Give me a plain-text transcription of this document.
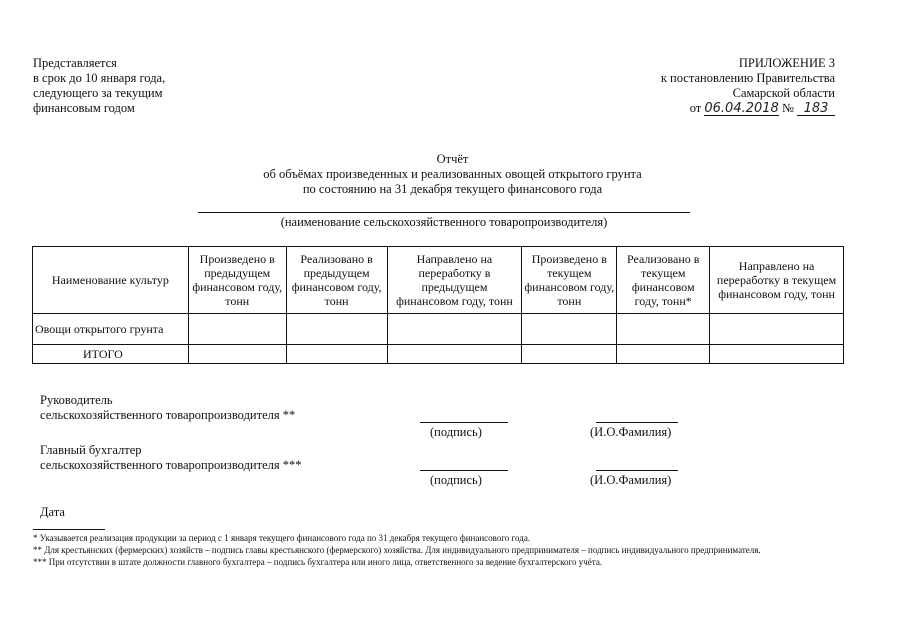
Представляется
в срок до 10 января года,
следующего за текущим
финансовым годом
ПРИЛОЖЕНИЕ 3
к постановлению Правительства
Самарской области
от 06.04.2018 № 183
Отчёт
об объёмах произведенных и реализованных овощей открытого грунта
по состоянию на 31 декабря текущего финансового года
(наименование сельскохозяйственного товаропроизводителя)
Наименование культур	Произведено в предыдущем финансовом году, тонн	Реализовано в предыдущем финансовом году, тонн	Направлено на переработку в предыдущем финансовом году, тонн	Произведено в текущем финансовом году, тонн	Реализовано в текущем финансовом году, тонн*	Направлено на переработку в текущем финансовом году, тонн
Овощи открытого грунта						
ИТОГО						
Руководитель
сельскохозяйственного товаропроизводителя **
(подпись)	(И.О.Фамилия)
Главный бухгалтер
сельскохозяйственного товаропроизводителя ***
(подпись)	(И.О.Фамилия)
Дата
* Указывается реализация продукции за период с 1 января текущего финансового года по 31 декабря текущего финансового года.
** Для крестьянских (фермерских) хозяйств – подпись главы крестьянского (фермерского) хозяйства. Для индивидуального предпринимателя – подпись индивидуального предпринимателя.
*** При отсутствии в штате должности главного бухгалтера – подпись бухгалтера или иного лица, ответственного за ведение бухгалтерского учёта.
